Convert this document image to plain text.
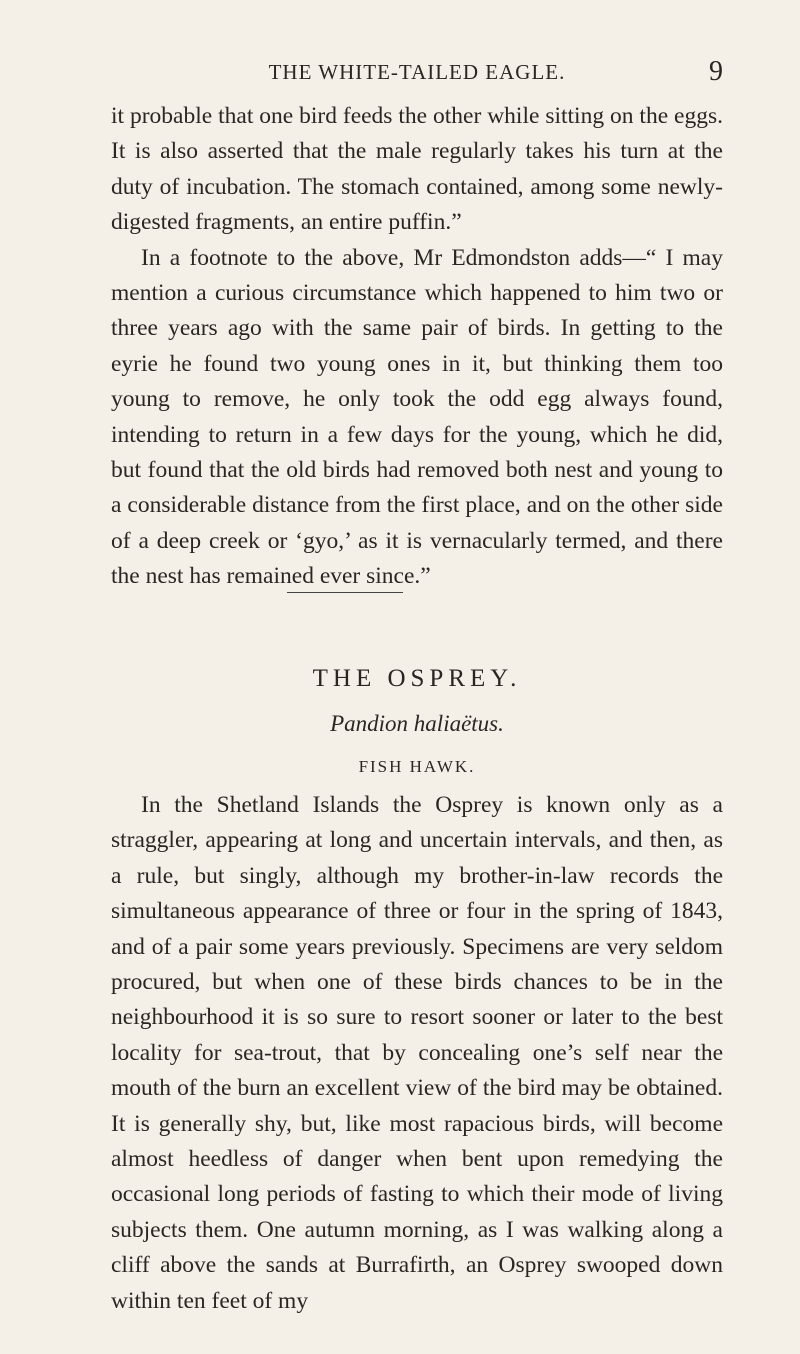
THE WHITE-TAILED EAGLE.	9

it probable that one bird feeds the other while sitting on the eggs. It is also asserted that the male regularly takes his turn at the duty of incubation. The stomach contained, among some newly-digested fragments, an entire puffin.”

In a footnote to the above, Mr Edmondston adds—“ I may mention a curious circumstance which happened to him two or three years ago with the same pair of birds. In getting to the eyrie he found two young ones in it, but thinking them too young to remove, he only took the odd egg always found, intending to return in a few days for the young, which he did, but found that the old birds had removed both nest and young to a considerable distance from the first place, and on the other side of a deep creek or ‘gyo,’ as it is vernacularly termed, and there the nest has remained ever since.”

THE OSPREY.
Pandion haliaëtus.
FISH HAWK.

In the Shetland Islands the Osprey is known only as a straggler, appearing at long and uncertain intervals, and then, as a rule, but singly, although my brother-in-law records the simultaneous appearance of three or four in the spring of 1843, and of a pair some years previously. Specimens are very seldom procured, but when one of these birds chances to be in the neighbourhood it is so sure to resort sooner or later to the best locality for sea-trout, that by concealing one’s self near the mouth of the burn an excellent view of the bird may be obtained. It is generally shy, but, like most rapacious birds, will become almost heedless of danger when bent upon remedying the occasional long periods of fasting to which their mode of living subjects them. One autumn morning, as I was walking along a cliff above the sands at Burrafirth, an Osprey swooped down within ten feet of my
